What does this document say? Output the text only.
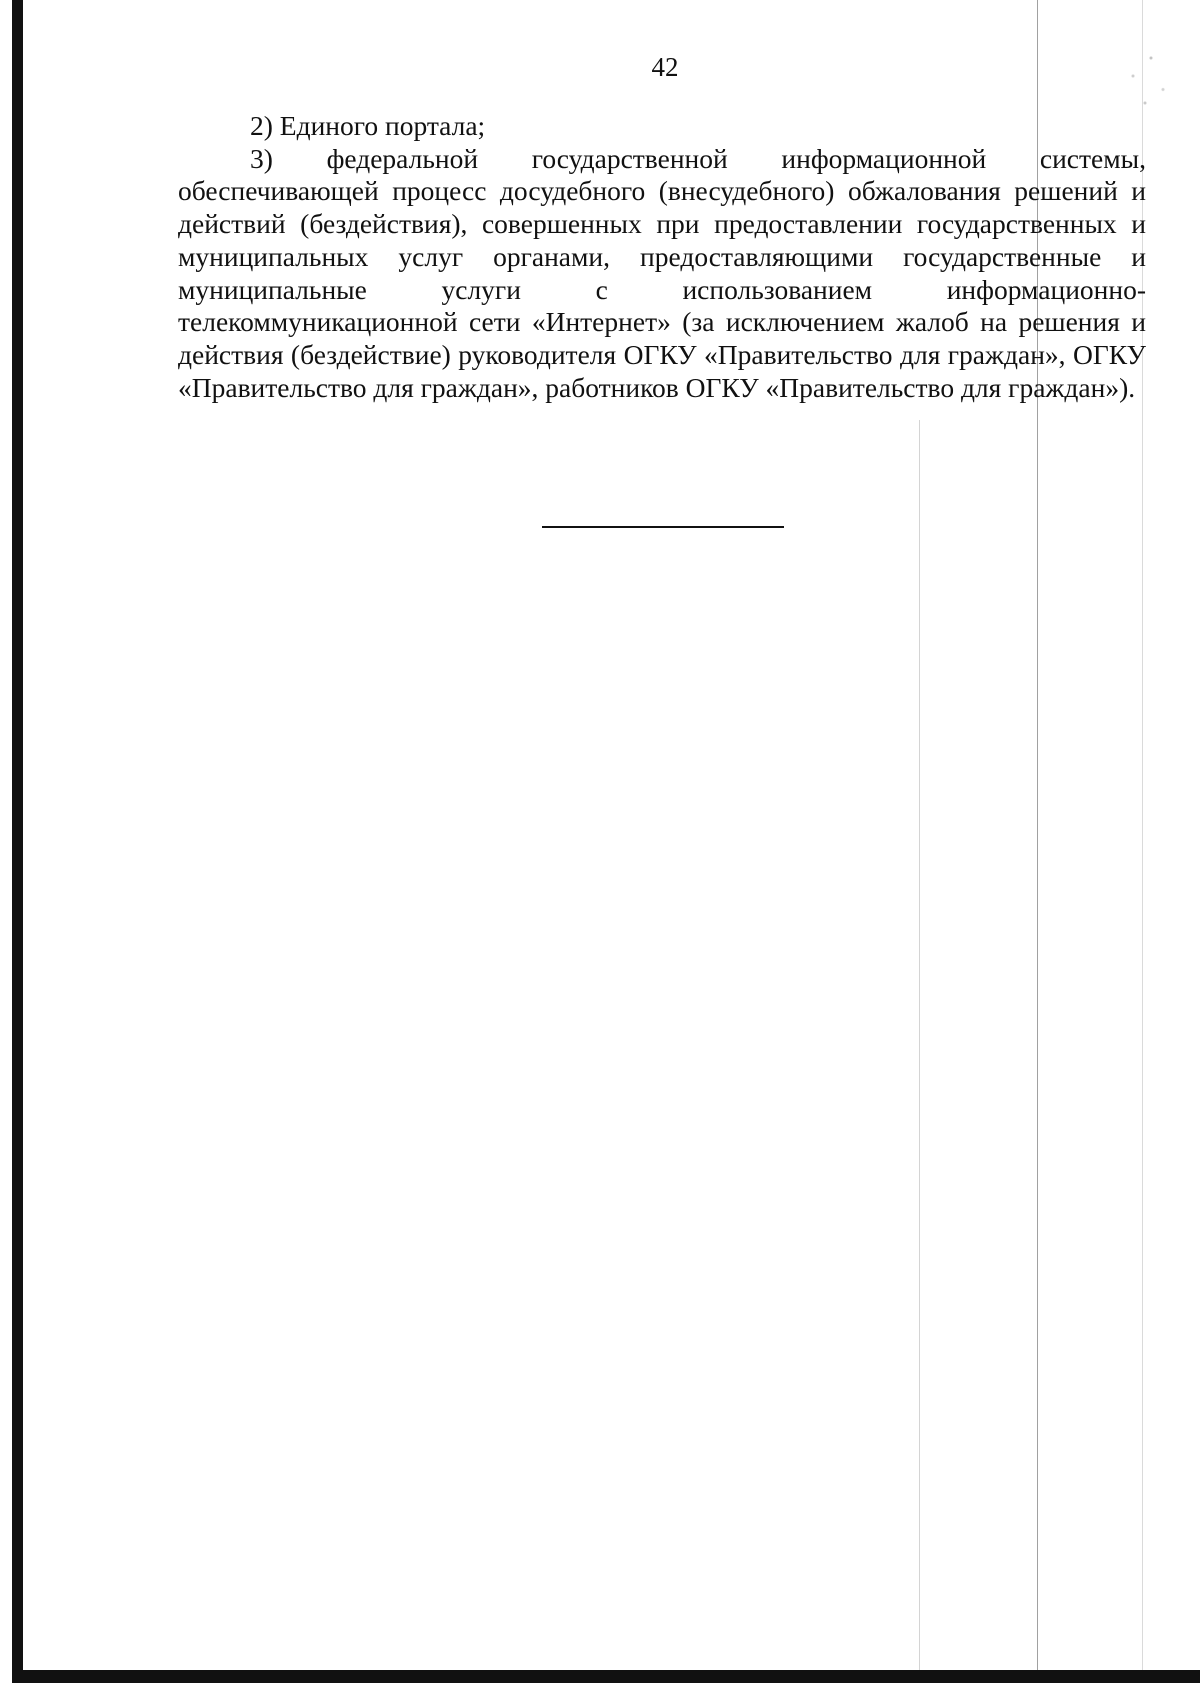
42

2) Единого портала;

3) федеральной государственной информационной системы, обеспечивающей процесс досудебного (внесудебного) обжалования решений и действий (бездействия), совершенных при предоставлении государственных и муниципальных услуг органами, предоставляющими государственные и муниципальные услуги с использованием информационно-телекоммуникационной сети «Интернет» (за исключением жалоб на решения и действия (бездействие) руководителя ОГКУ «Правительство для граждан», ОГКУ «Правительство для граждан», работников ОГКУ «Правительство для граждан»).
